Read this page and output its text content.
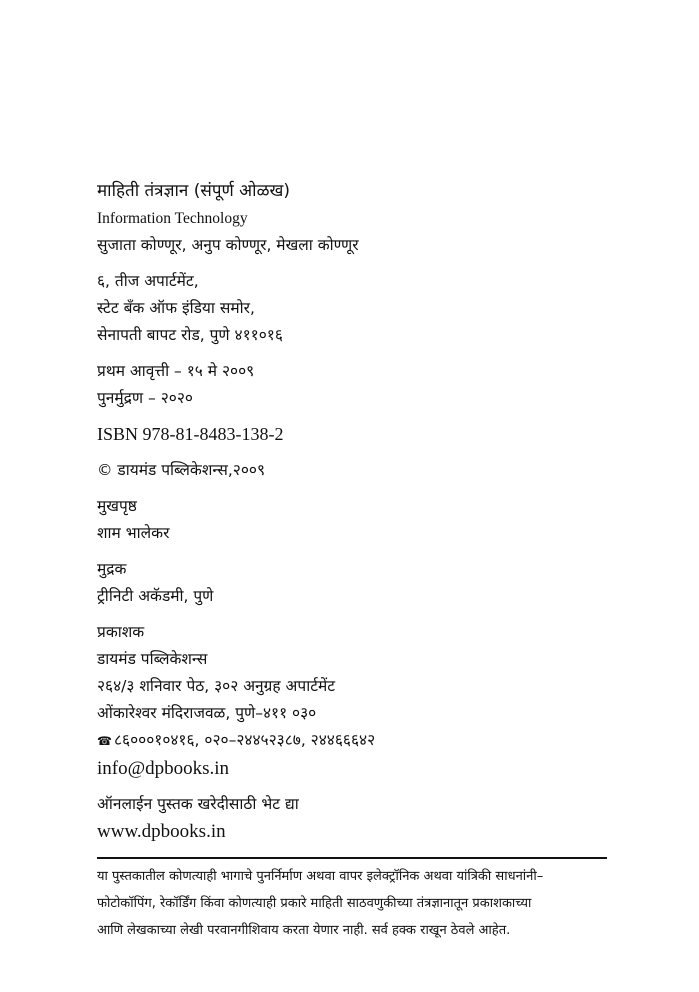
माहिती तंत्रज्ञान (संपूर्ण ओळख)
Information Technology
सुजाता कोण्णूर, अनुप कोण्णूर, मेखला कोण्णूर
६, तीज अपार्टमेंट,
स्टेट बँक ऑफ इंडिया समोर,
सेनापती बापट रोड, पुणे ४११०१६
प्रथम आवृत्ती – १५ मे २००९
पुनर्मुद्रण – २०२०
ISBN 978-81-8483-138-2
© डायमंड पब्लिकेशन्स,२००९
मुखपृष्ठ
शाम भालेकर
मुद्रक
ट्रीनिटी अकॅडमी, पुणे
प्रकाशक
डायमंड पब्लिकेशन्स
२६४/३ शनिवार पेठ, ३०२ अनुग्रह अपार्टमेंट
ओंकारेश्वर मंदिराजवळ, पुणे–४११ ०३०
☎ ८६०००१०४१६, ०२०–२४४५२३८७, २४४६६६४२
info@dpbooks.in
ऑनलाईन पुस्तक खरेदीसाठी भेट द्या
www.dpbooks.in
या पुस्तकातील कोणत्याही भागाचे पुनर्निर्माण अथवा वापर इलेक्ट्रॉनिक अथवा यांत्रिकी साधनांनी–
फोटोकॉपिंग, रेकॉर्डिंग किंवा कोणत्याही प्रकारे माहिती साठवणुकीच्या तंत्रज्ञानातून प्रकाशकाच्या
आणि लेखकाच्या लेखी परवानगीशिवाय करता येणार नाही. सर्व हक्क राखून ठेवले आहेत.
